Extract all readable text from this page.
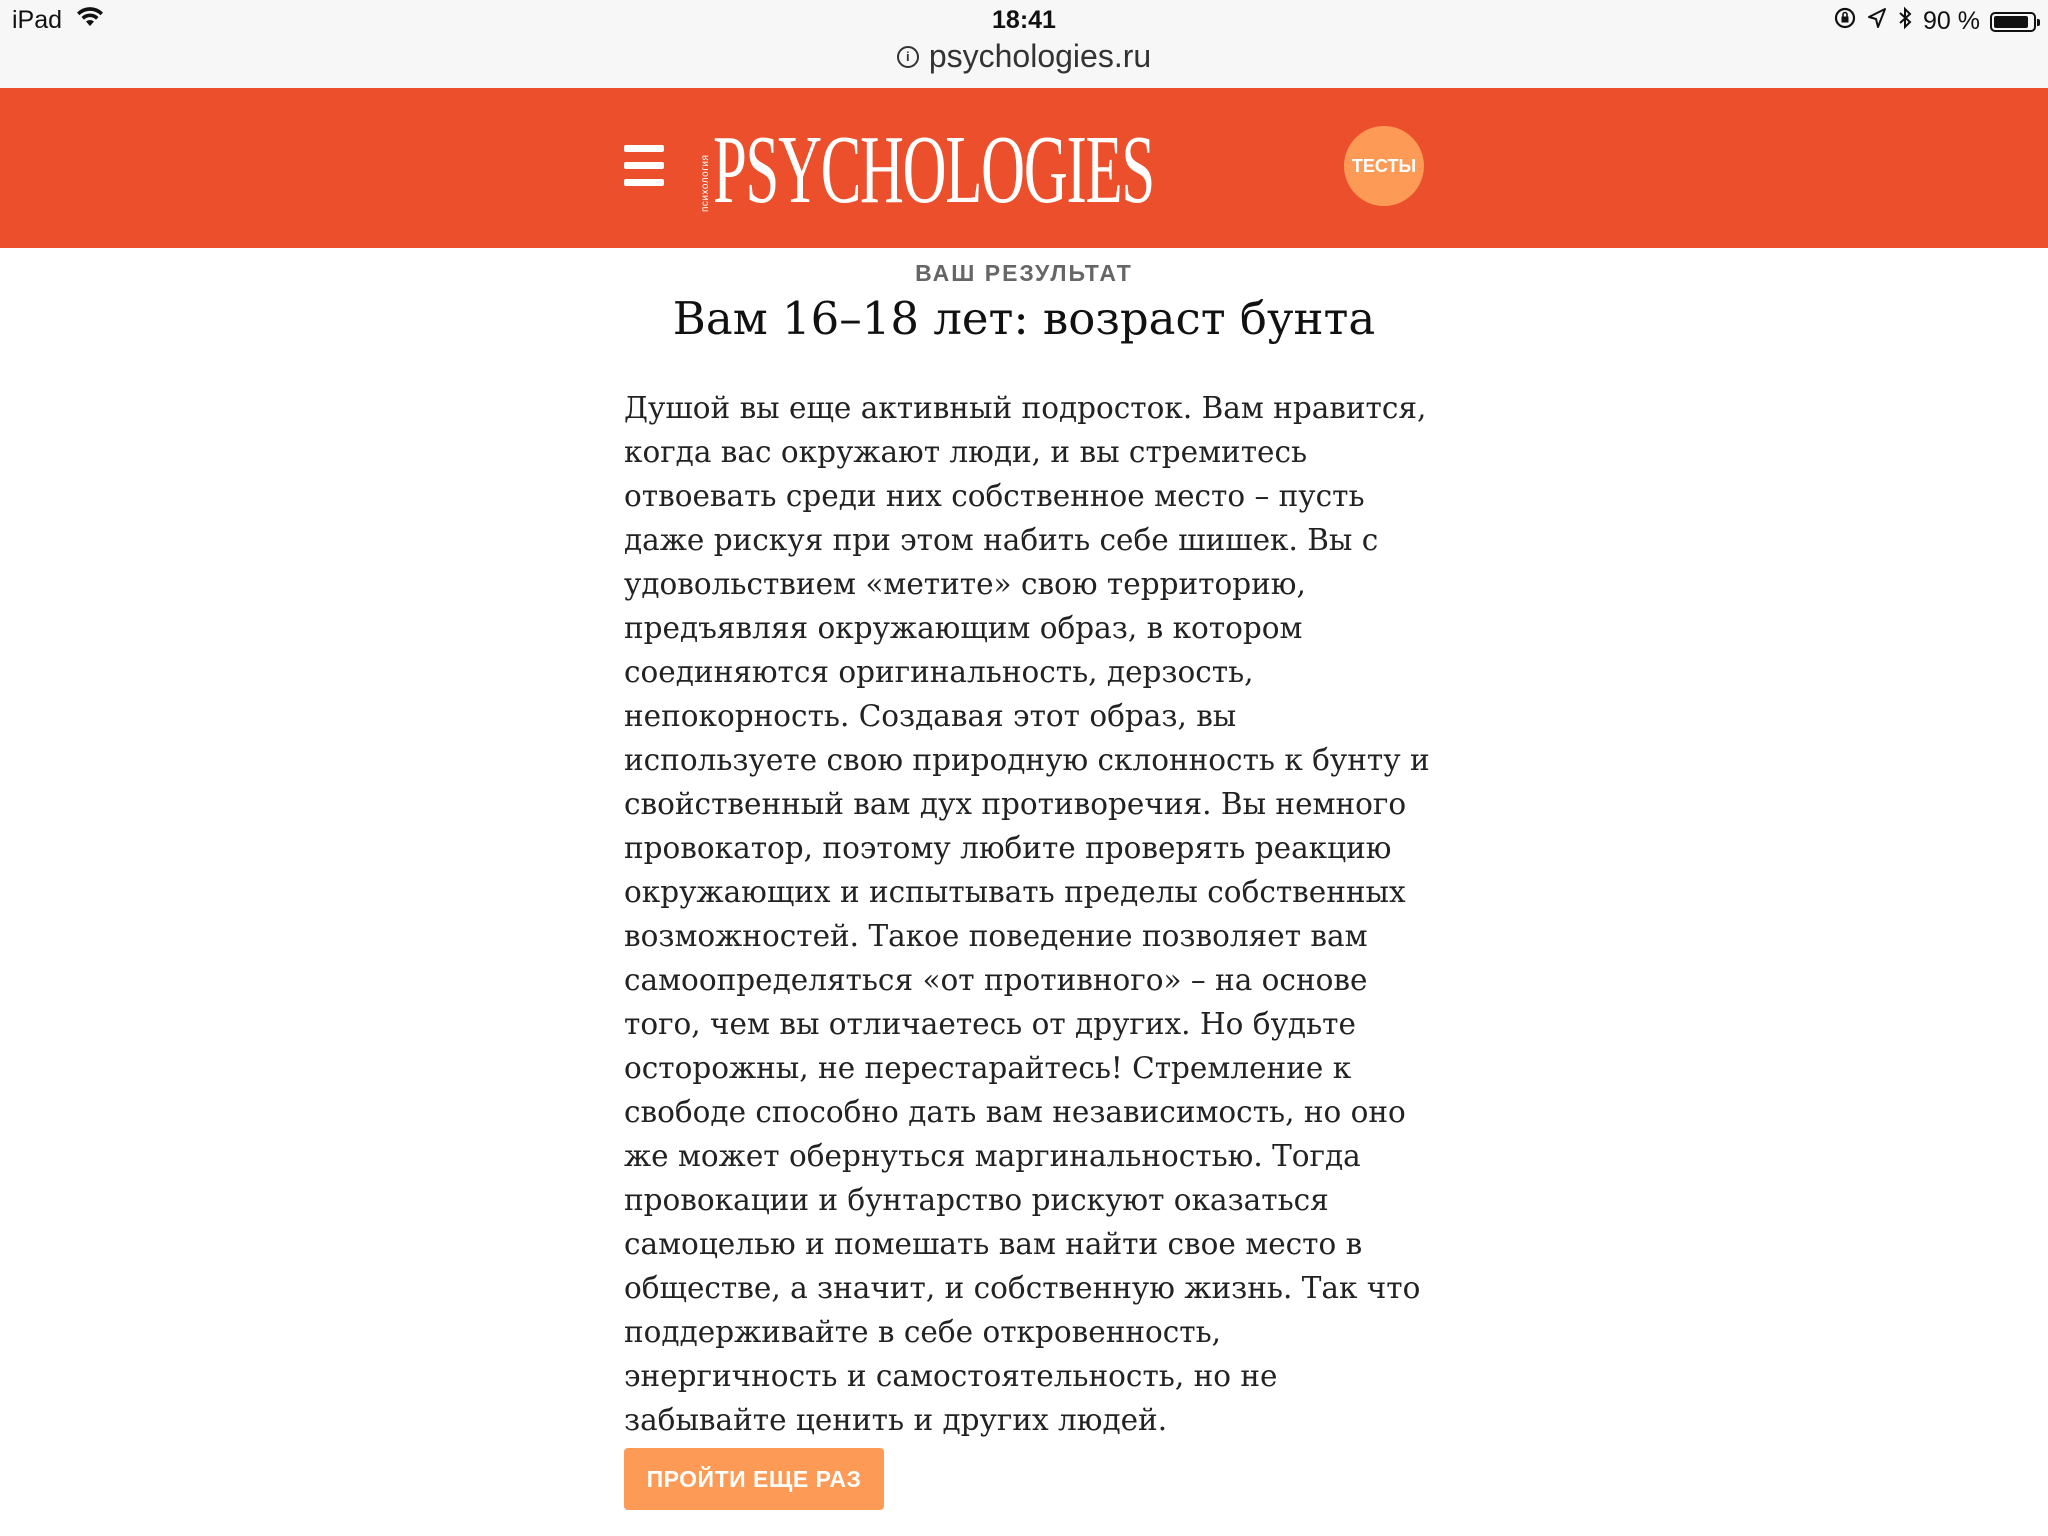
iPad	18:41	90 %
i psychologies.ru
психология PSYCHOLOGIES	ТЕСТЫ
ВАШ РЕЗУЛЬТАТ
Вам 16–18 лет: возраст бунта

Душой вы еще активный подросток. Вам нравится, когда вас окружают люди, и вы стремитесь отвоевать среди них собственное место – пусть даже рискуя при этом набить себе шишек. Вы с удовольствием «метите» свою территорию, предъявляя окружающим образ, в котором соединяются оригинальность, дерзость, непокорность. Создавая этот образ, вы используете свою природную склонность к бунту и свойственный вам дух противоречия. Вы немного провокатор, поэтому любите проверять реакцию окружающих и испытывать пределы собственных возможностей. Такое поведение позволяет вам самоопределяться «от противного» – на основе того, чем вы отличаетесь от других. Но будьте осторожны, не перестарайтесь! Стремление к свободе способно дать вам независимость, но оно же может обернуться маргинальностью. Тогда провокации и бунтарство рискуют оказаться самоцелью и помешать вам найти свое место в обществе, а значит, и собственную жизнь. Так что поддерживайте в себе откровенность, энергичность и самостоятельность, но не забывайте ценить и других людей.

ПРОЙТИ ЕЩЕ РАЗ
